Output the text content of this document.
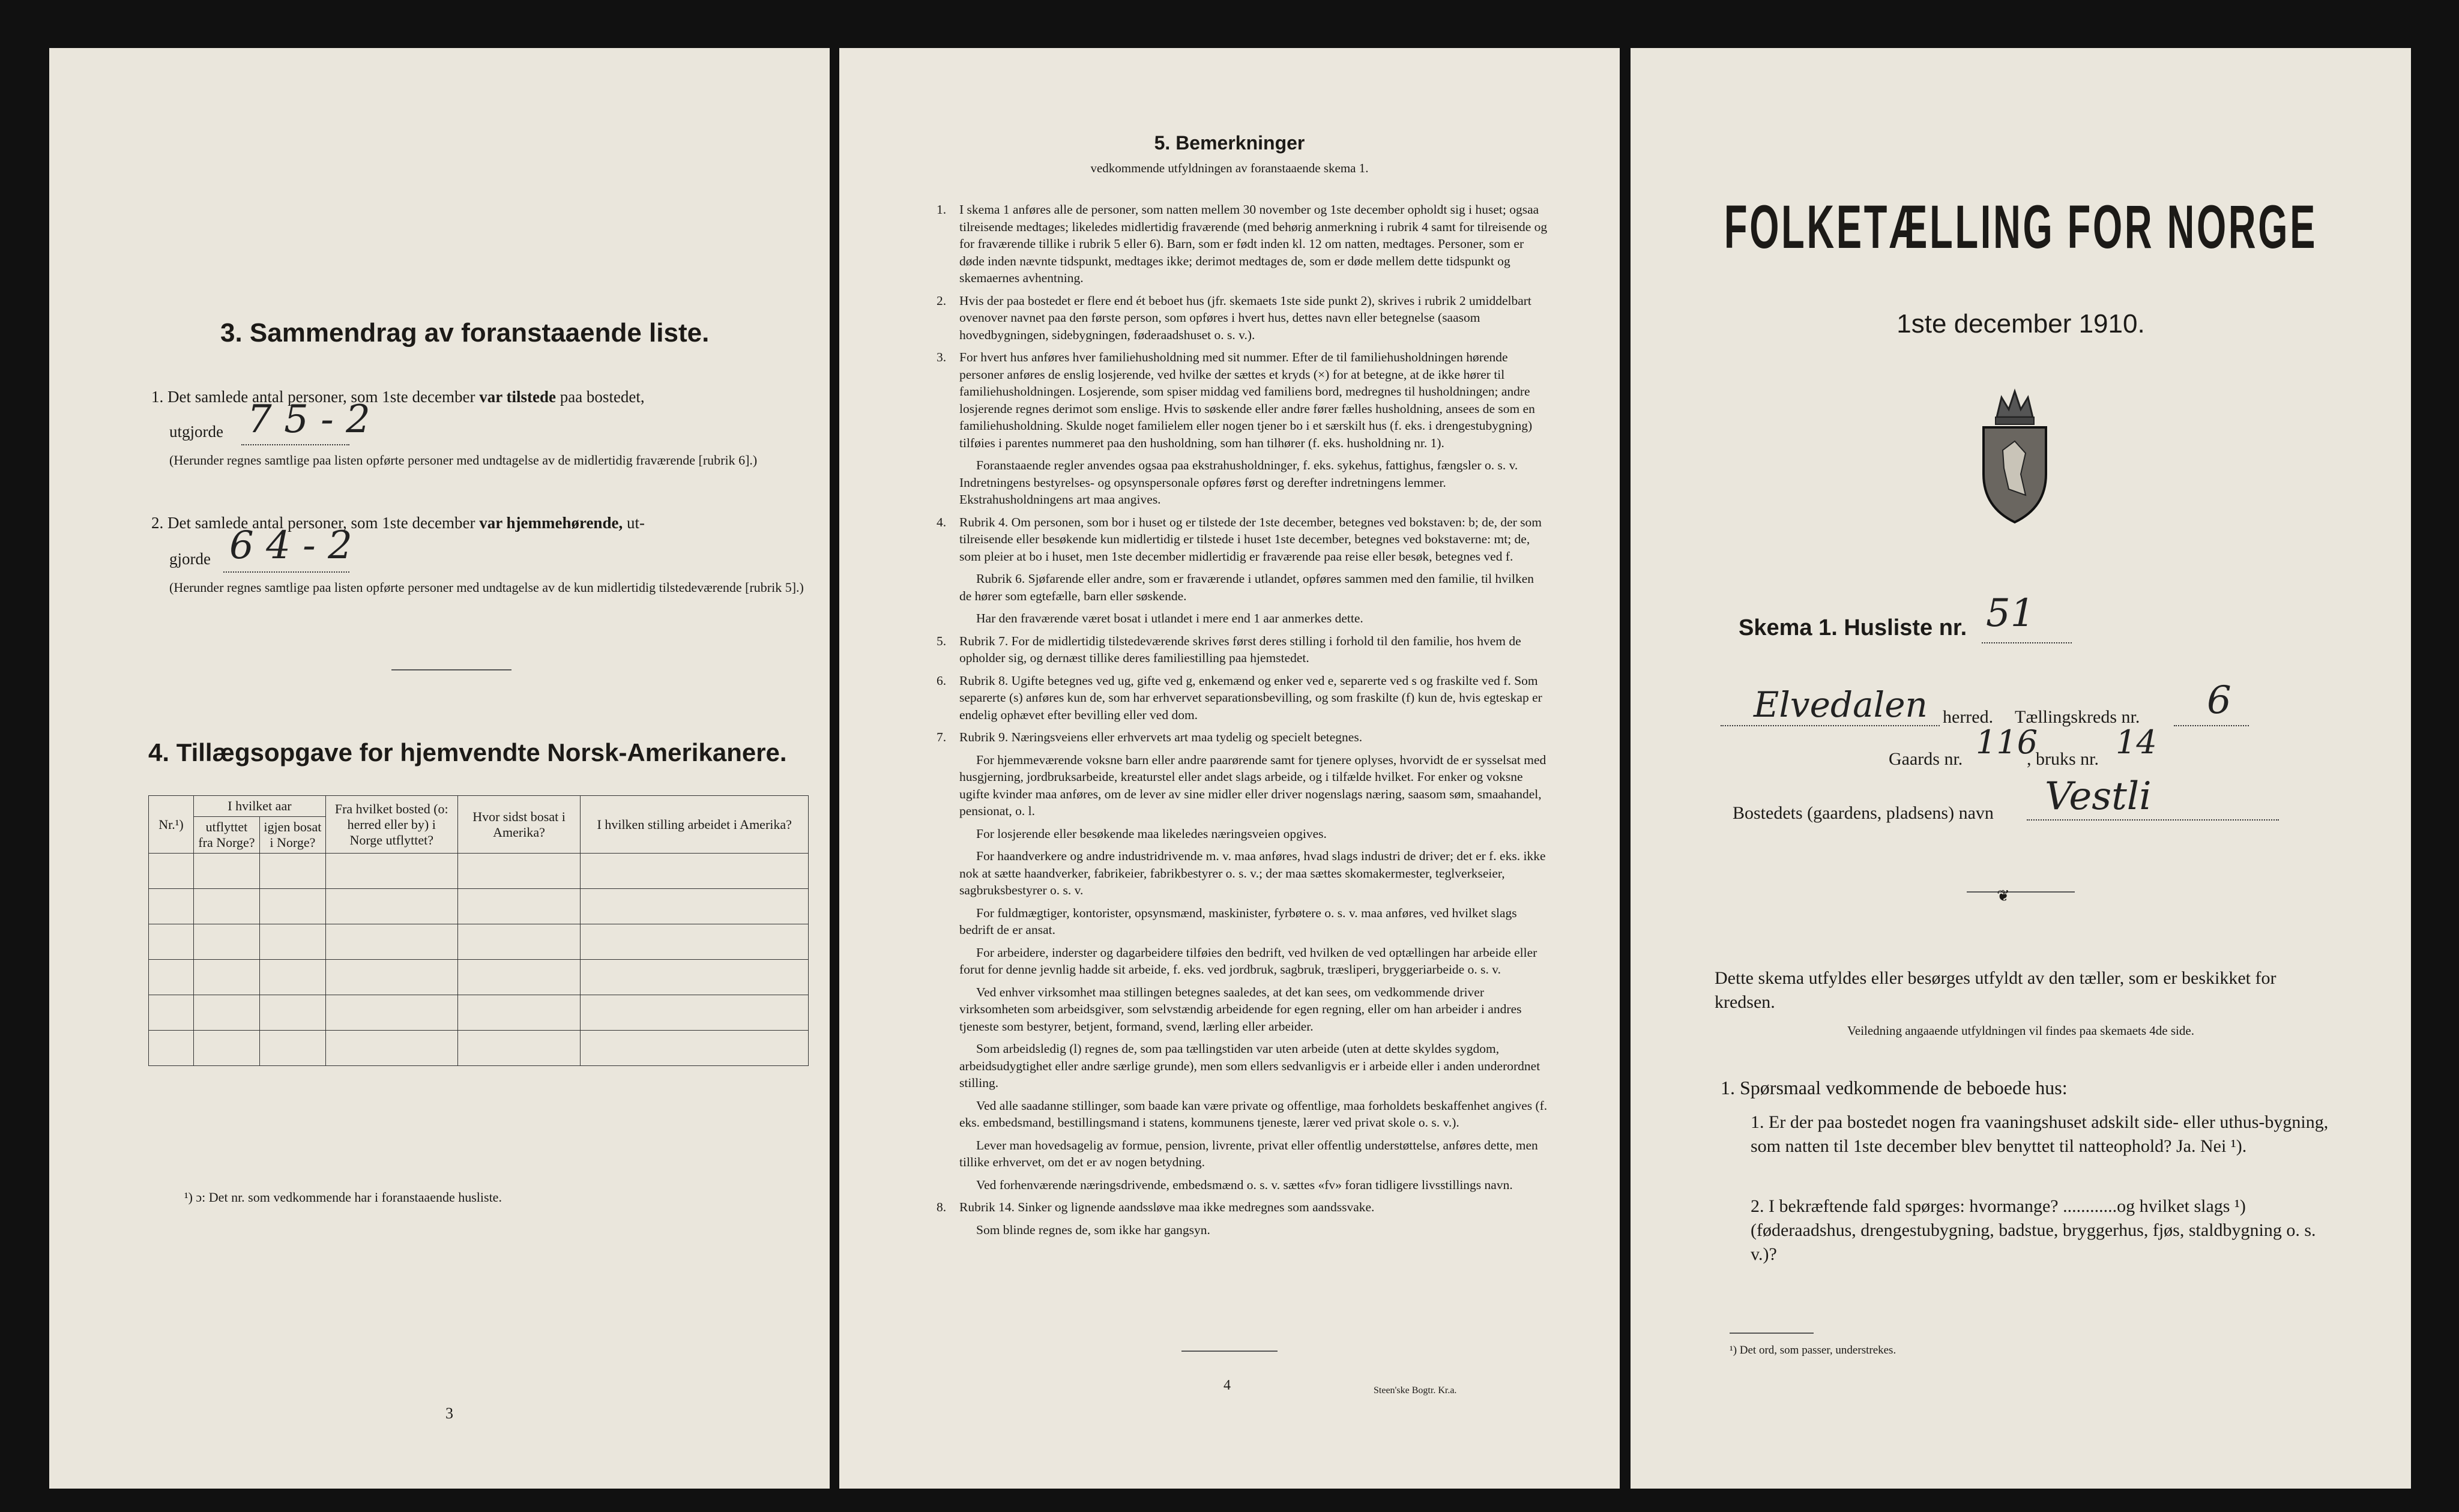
3. Sammendrag av foranstaaende liste.
1. Det samlede antal personer, som 1ste december var tilstede paa bostedet,
utgjorde 7 5 - 2
(Herunder regnes samtlige paa listen opførte personer med undtagelse av de midlertidig fraværende [rubrik 6].)
2. Det samlede antal personer, som 1ste december var hjemmehørende, ut-
gjorde 6 4 - 2
(Herunder regnes samtlige paa listen opførte personer med undtagelse av de kun midlertidig tilstedeværende [rubrik 5].)
4. Tillægsopgave for hjemvendte Norsk-Amerikanere.
Nr.¹)	I hvilket aar		Fra hvilket bosted (o: herred eller by) i Norge utflyttet?	Hvor sidst bosat i Amerika?	I hvilken stilling arbeidet i Amerika?
	utflyttet fra Norge?	igjen bosat i Norge?			

¹) ɔ: Det nr. som vedkommende har i foranstaaende husliste.
3
5. Bemerkninger
vedkommende utfyldningen av foranstaaende skema 1.

1. I skema 1 anføres alle de personer, som natten mellem 30 november og 1ste december opholdt sig i huset; ogsaa tilreisende medtages; likeledes midlertidig fraværende (med behørig anmerkning i rubrik 4 samt for tilreisende og for fraværende tillike i rubrik 5 eller 6). Barn, som er født inden kl. 12 om natten, medtages. Personer, som er døde inden nævnte tidspunkt, medtages ikke; derimot medtages de, som er døde mellem dette tidspunkt og skemaernes avhentning.

2. Hvis der paa bostedet er flere end ét beboet hus (jfr. skemaets 1ste side punkt 2), skrives i rubrik 2 umiddelbart ovenover navnet paa den første person, som opføres i hvert hus, dettes navn eller betegnelse (saasom hovedbygningen, sidebygningen, føderaadshuset o. s. v.).

3. For hvert hus anføres hver familiehusholdning med sit nummer. Efter de til familiehusholdningen hørende personer anføres de enslig losjerende, ved hvilke der sættes et kryds (×) for at betegne, at de ikke hører til familiehusholdningen. Losjerende, som spiser middag ved familiens bord, medregnes til husholdningen; andre losjerende regnes derimot som enslige. Hvis to søskende eller andre fører fælles husholdning, ansees de som en familiehusholdning. Skulde noget familielem eller nogen tjener bo i et særskilt hus (f. eks. i drengestubygning) tilføies i parentes nummeret paa den husholdning, som han tilhører (f. eks. husholdning nr. 1).

Foranstaaende regler anvendes ogsaa paa ekstrahusholdninger, f. eks. sykehus, fattighus, fængsler o. s. v. Indretningens bestyrelses- og opsynspersonale opføres først og derefter indretningens lemmer. Ekstrahusholdningens art maa angives.

4. Rubrik 4. Om personen, som bor i huset og er tilstede der 1ste december, betegnes ved bokstaven: b; de, der som tilreisende eller besøkende kun midlertidig er tilstede i huset 1ste december, betegnes ved bokstaverne: mt; de, som pleier at bo i huset, men 1ste december midlertidig er fraværende paa reise eller besøk, betegnes ved f.

Rubrik 6. Sjøfarende eller andre, som er fraværende i utlandet, opføres sammen med den familie, til hvilken de hører som egtefælle, barn eller søskende.

Har den fraværende været bosat i utlandet i mere end 1 aar anmerkes dette.

5. Rubrik 7. For de midlertidig tilstedeværende skrives først deres stilling i forhold til den familie, hos hvem de opholder sig, og dernæst tillike deres familiestilling paa hjemstedet.

6. Rubrik 8. Ugifte betegnes ved ug, gifte ved g, enkemænd og enker ved e, separerte ved s og fraskilte ved f. Som separerte (s) anføres kun de, som har erhvervet separationsbevilling, og som fraskilte (f) kun de, hvis egteskap er endelig ophævet efter bevilling eller ved dom.

7. Rubrik 9. Næringsveiens eller erhvervets art maa tydelig og specielt betegnes.

For hjemmeværende voksne barn eller andre paarørende samt for tjenere oplyses, hvorvidt de er sysselsat med husgjerning, jordbruksarbeide, kreaturstel eller andet slags arbeide, og i tilfælde hvilket. For enker og voksne ugifte kvinder maa anføres, om de lever av sine midler eller driver nogenslags næring, saasom søm, smaahandel, pensionat, o. l.

For losjerende eller besøkende maa likeledes næringsveien opgives.

For haandverkere og andre industridrivende m. v. maa anføres, hvad slags industri de driver; det er f. eks. ikke nok at sætte haandverker, fabrikeier, fabrikbestyrer o. s. v.; der maa sættes skomakermester, teglverkseier, sagbruksbestyrer o. s. v.

For fuldmægtiger, kontorister, opsynsmænd, maskinister, fyrbøtere o. s. v. maa anføres, ved hvilket slags bedrift de er ansat.

For arbeidere, inderster og dagarbeidere tilføies den bedrift, ved hvilken de ved optællingen har arbeide eller forut for denne jevnlig hadde sit arbeide, f. eks. ved jordbruk, sagbruk, træsliperi, bryggeriarbeide o. s. v.

Ved enhver virksomhet maa stillingen betegnes saaledes, at det kan sees, om vedkommende driver virksomheten som arbeidsgiver, som selvstændig arbeidende for egen regning, eller om han arbeider i andres tjeneste som bestyrer, betjent, formand, svend, lærling eller arbeider.

Som arbeidsledig (l) regnes de, som paa tællingstiden var uten arbeide (uten at dette skyldes sygdom, arbeidsudygtighet eller andre særlige grunde), men som ellers sedvanligvis er i arbeide eller i anden underordnet stilling.

Ved alle saadanne stillinger, som baade kan være private og offentlige, maa forholdets beskaffenhet angives (f. eks. embedsmand, bestillingsmand i statens, kommunens tjeneste, lærer ved privat skole o. s. v.).

Lever man hovedsagelig av formue, pension, livrente, privat eller offentlig understøttelse, anføres dette, men tillike erhvervet, om det er av nogen betydning.

Ved forhenværende næringsdrivende, embedsmænd o. s. v. sættes «fv» foran tidligere livsstillings navn.

8. Rubrik 14. Sinker og lignende aandssløve maa ikke medregnes som aandssvake.

Som blinde regnes de, som ikke har gangsyn.

4	Steen'ske Bogtr. Kr.a.
FOLKETÆLLING FOR NORGE
1ste december 1910.
Skema 1. Husliste nr. 51
Elvedalen herred. Tællingskreds nr. 6
Gaards nr. 116
, bruks nr. 14
Bostedets (gaardens, pladsens) navn Vestli
❦
Dette skema utfyldes eller besørges utfyldt av den tæller, som er beskikket for kredsen.
Veiledning angaaende utfyldningen vil findes paa skemaets 4de side.
1. Spørsmaal vedkommende de beboede hus:
1. Er der paa bostedet nogen fra vaaningshuset adskilt side- eller uthus-bygning, som natten til 1ste december blev benyttet til natteophold? Ja. Nei ¹).
2. I bekræftende fald spørges: hvormange? ............og hvilket slags ¹) (føderaadshus, drengestubygning, badstue, bryggerhus, fjøs, staldbygning o. s. v.)?
¹) Det ord, som passer, understrekes.
